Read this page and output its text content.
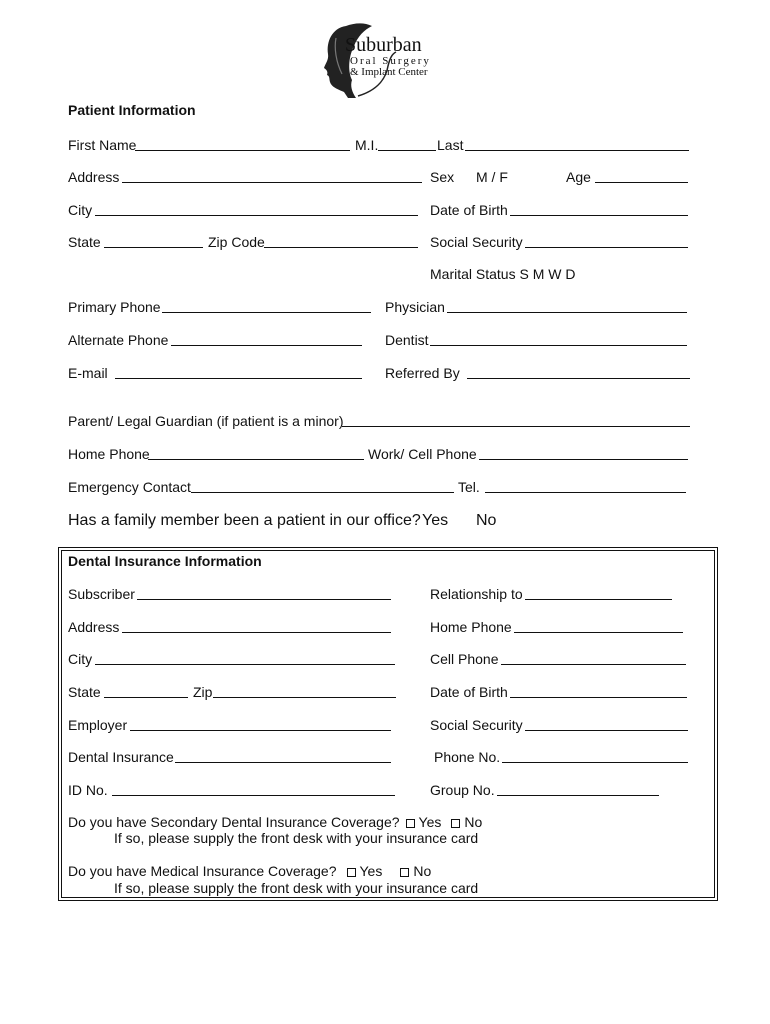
Suburban
Oral Surgery
& Implant Center
Patient Information
First Name	M.I.	Last
Address	Sex M / F	Age
City	Date of Birth
State	Zip Code	Social Security
Marital Status S M W D
Primary Phone	Physician
Alternate Phone	Dentist
E-mail	Referred By
Parent/ Legal Guardian (if patient is a minor)
Home Phone	Work/ Cell Phone
Emergency Contact	Tel.
Has a family member been a patient in our office? Yes No
Dental Insurance Information
Subscriber	Relationship to
Address	Home Phone
City	Cell Phone
State	Zip	Date of Birth
Employer	Social Security
Dental Insurance	Phone No.
ID No.	Group No.
Do you have Secondary Dental Insurance Coverage? Yes No
If so, please supply the front desk with your insurance card
Do you have Medical Insurance Coverage? Yes No
If so, please supply the front desk with your insurance card
